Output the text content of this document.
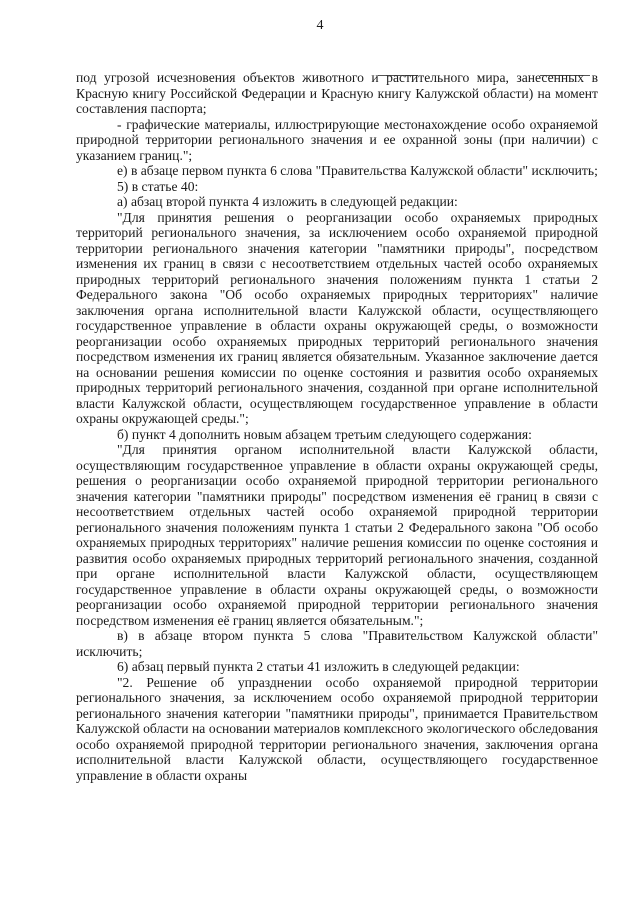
4

под угрозой исчезновения объектов животного и растительного мира, занесенных в Красную книгу Российской Федерации и Красную книгу Калужской области) на момент составления паспорта;

- графические материалы, иллюстрирующие местонахождение особо охраняемой природной территории регионального значения и ее охранной зоны (при наличии) с указанием границ.";

е) в абзаце первом пункта 6 слова "Правительства Калужской области" исключить;

5) в статье 40:

а) абзац второй пункта 4 изложить в следующей редакции:

"Для принятия решения о реорганизации особо охраняемых природных территорий регионального значения, за исключением особо охраняемой природной территории регионального значения категории "памятники природы", посредством изменения их границ в связи с несоответствием отдельных частей особо охраняемых природных территорий регионального значения положениям пункта 1 статьи 2 Федерального закона "Об особо охраняемых природных территориях" наличие заключения органа исполнительной власти Калужской области, осуществляющего государственное управление в области охраны окружающей среды, о возможности реорганизации особо охраняемых природных территорий регионального значения посредством изменения их границ является обязательным. Указанное заключение дается на основании решения комиссии по оценке состояния и развития особо охраняемых природных территорий регионального значения, созданной при органе исполнительной власти Калужской области, осуществляющем государственное управление в области охраны окружающей среды.";

б) пункт 4 дополнить новым абзацем третьим следующего содержания:

"Для принятия органом исполнительной власти Калужской области, осуществляющим государственное управление в области охраны окружающей среды, решения о реорганизации особо охраняемой природной территории регионального значения категории "памятники природы" посредством изменения её границ в связи с несоответствием отдельных частей особо охраняемой природной территории регионального значения положениям пункта 1 статьи 2 Федерального закона "Об особо охраняемых природных территориях" наличие решения комиссии по оценке состояния и развития особо охраняемых природных территорий регионального значения, созданной при органе исполнительной власти Калужской области, осуществляющем государственное управление в области охраны окружающей среды, о возможности реорганизации особо охраняемой природной территории регионального значения посредством изменения её границ является обязательным.";

в) в абзаце втором пункта 5 слова "Правительством Калужской области" исключить;

6) абзац первый пункта 2 статьи 41 изложить в следующей редакции:

"2. Решение об упразднении особо охраняемой природной территории регионального значения, за исключением особо охраняемой природной территории регионального значения категории "памятники природы", принимается Правительством Калужской области на основании материалов комплексного экологического обследования особо охраняемой природной территории регионального значения, заключения органа исполнительной власти Калужской области, осуществляющего государственное управление в области охраны
